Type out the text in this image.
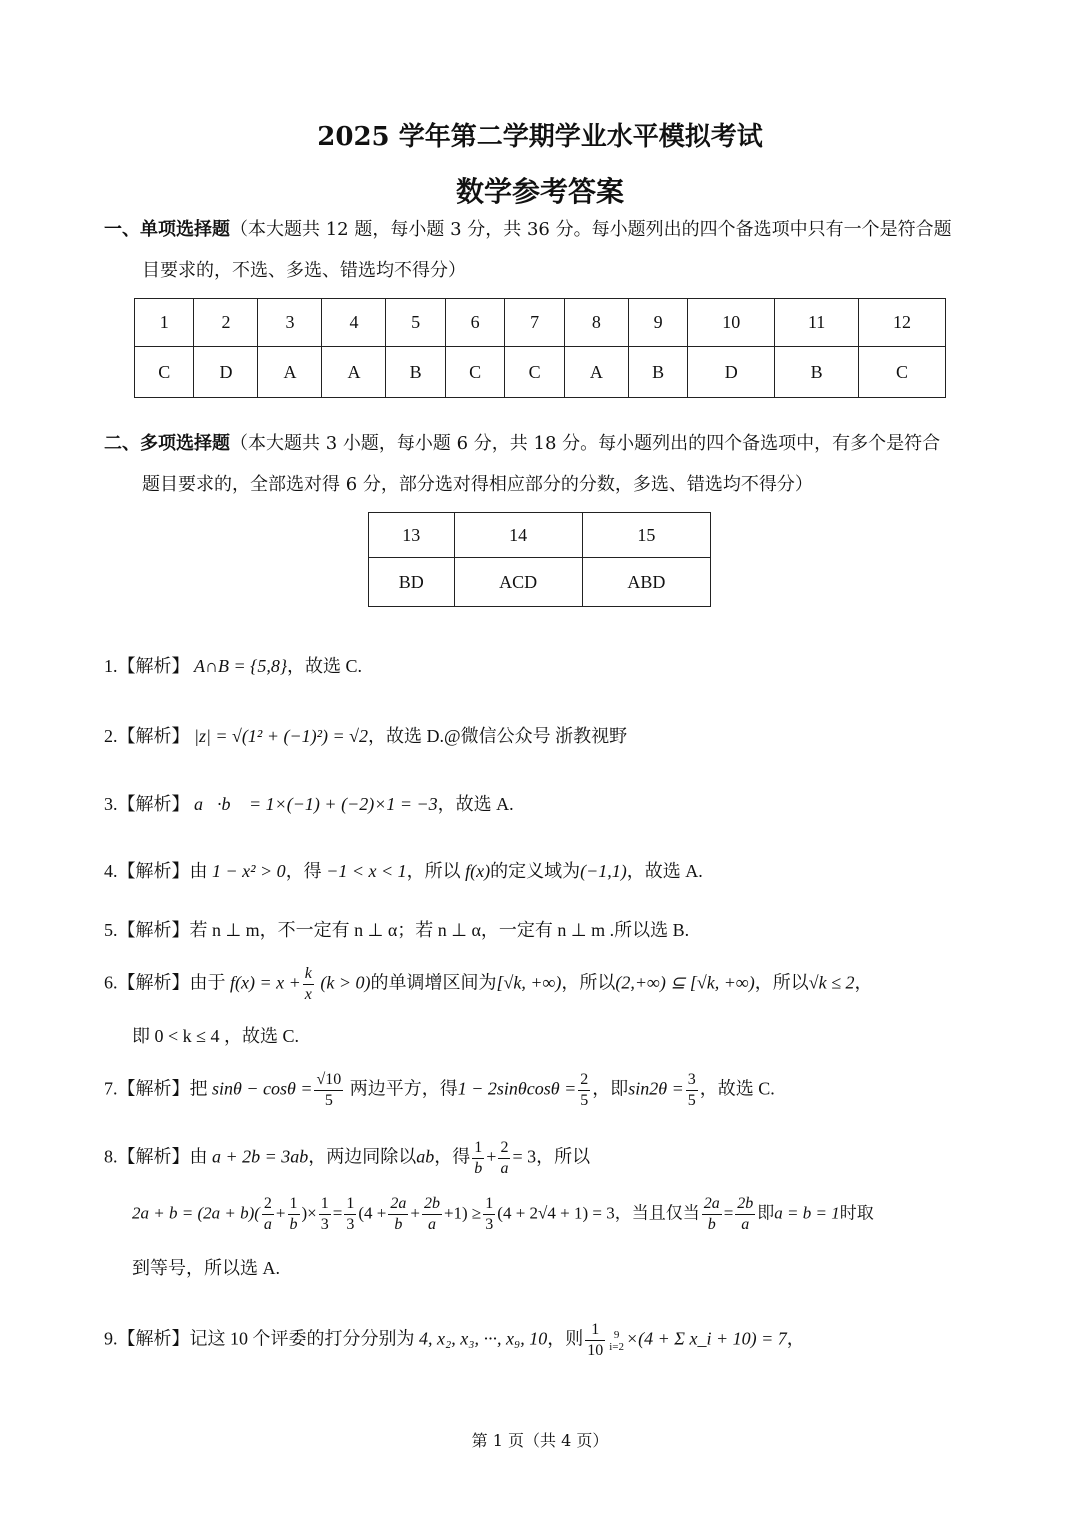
2025 学年第二学期学业水平模拟考试
数学参考答案
一、单项选择题（本大题共 12 题，每小题 3 分，共 36 分。每小题列出的四个备选项中只有一个是符合题
目要求的，不选、多选、错选均不得分）
1	2	3	4	5	6	7	8	9	10	11	12
C	D	A	A	B	C	C	A	B	D	B	C
二、多项选择题（本大题共 3 小题，每小题 6 分，共 18 分。每小题列出的四个备选项中，有多个是符合
题目要求的，全部选对得 6 分，部分选对得相应部分的分数，多选、错选均不得分）
13	14	15
BD	ACD	ABD
1.【解析】 A∩B = {5,8}，故选 C.
2.【解析】 |z| = √(1² + (−1)²) = √2，故选 D.@微信公众号 浙教视野
3.【解析】 a⃗·b⃗ = 1×(−1) + (−2)×1 = −3，故选 A.
4.【解析】由 1 − x² > 0，得 −1 < x < 1，所以 f(x)的定义域为(−1,1)，故选 A.
5.【解析】若 n ⊥ m，不一定有 n ⊥ α；若 n ⊥ α，一定有 n ⊥ m .所以选 B.
6.【解析】由于 $f(x) = x + \frac{k}{x} (k > 0)$的单调增区间为[√k, +∞)，所以(2,+∞) ⊆ [√k, +∞)，所以√k ≤ 2，
即 0 < k ≤ 4 ，故选 C.
7.【解析】把 $\sin\theta - \cos\theta = \frac{√10}{5}$ 两边平方，得$1 - 2\sin\theta\cos\theta = \frac{2}{5}$ ，即$\sin 2\theta = \frac{3}{5}$ ，故选 C.
8.【解析】由 a + 2b = 3ab，两边同除以ab，得 $\frac{1}{b} + \frac{2}{a} = 3$，所以
$2a + b = (2a + b)( \frac{2}{a} + \frac{1}{b}$ )× $\frac{1}{3} = \frac{1}{3} (4 + \frac{2a}{b} + \frac{2b}{a} +1) \ge \frac{1}{3} (4 + 2√4 + 1) = 3$，当且仅当 $\frac{2a}{b} = \frac{2b}{a}$ 即a = b = 1时取
到等号，所以选 A.
9.【解析】记这 10 个评委的打分分别为 4, x₂, x₃, ···, x₉, 10，则 $\frac{1}{10} 9$
i=2 ×(4 + Σ x_i + 10) = 7，
第 1 页（共 4 页）
